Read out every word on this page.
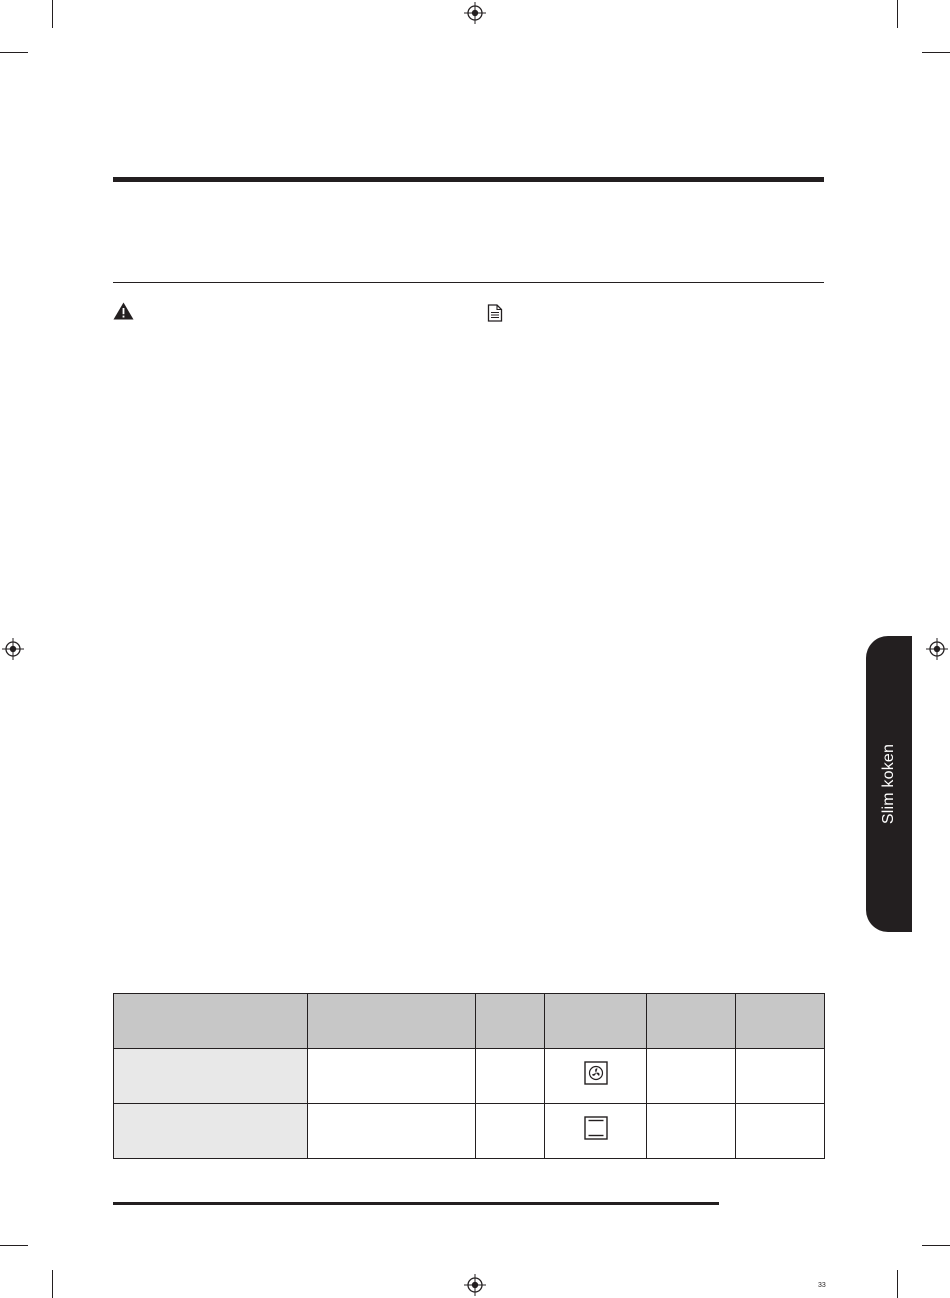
Slim koken

33
